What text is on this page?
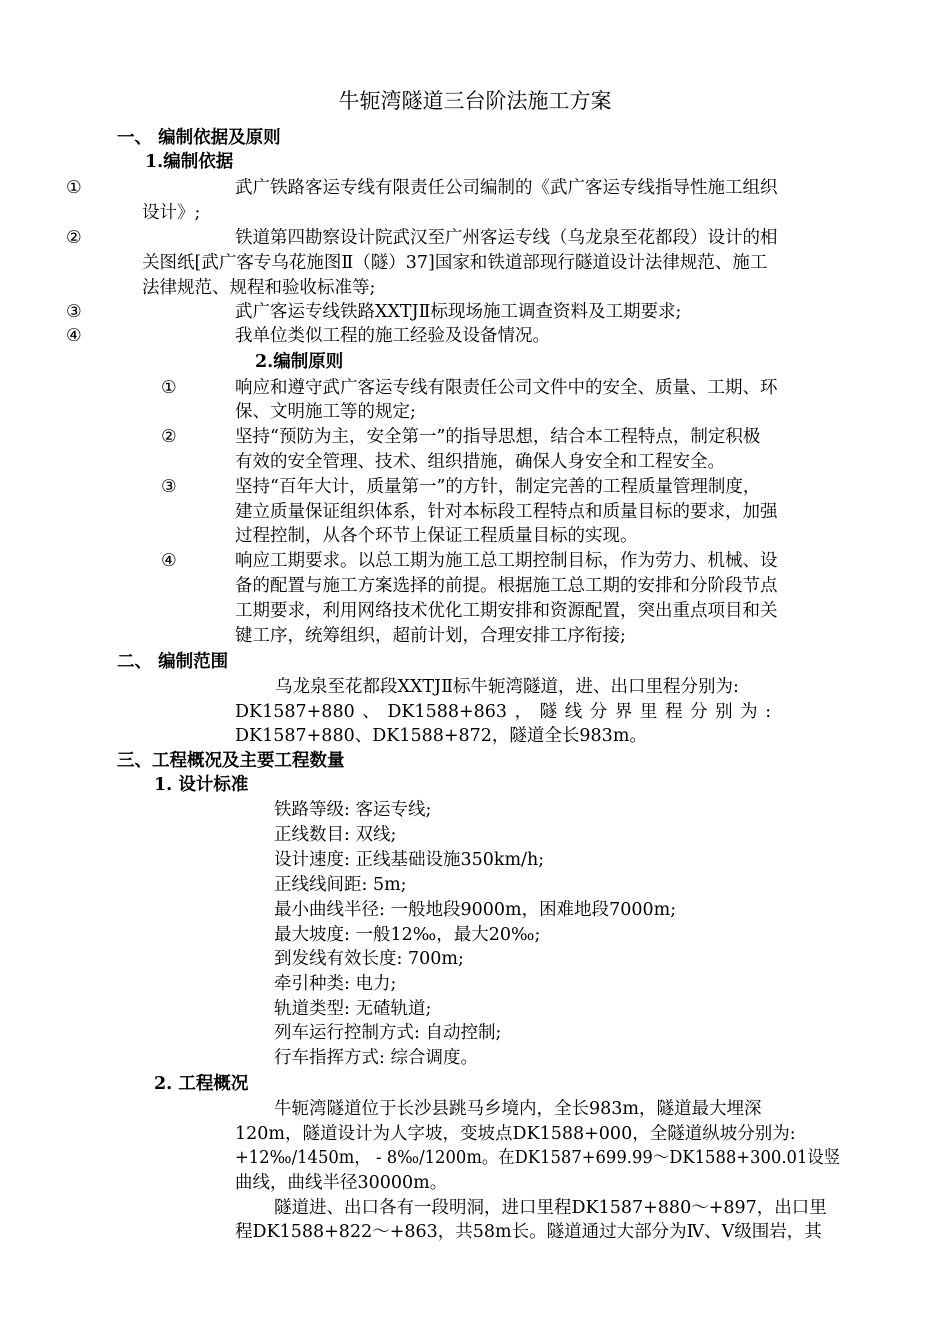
牛轭湾隧道三台阶法施工方案
一、 编制依据及原则
1.编制依据
①	武广铁路客运专线有限责任公司编制的《武广客运专线指导性施工组织
设计》;
②	铁道第四勘察设计院武汉至广州客运专线（乌龙泉至花都段）设计的相
关图纸[武广客专乌花施图Ⅱ（隧）37]国家和铁道部现行隧道设计法律规范、施工
法律规范、规程和验收标准等;
③	武广客运专线铁路XXTJⅡ标现场施工调查资料及工期要求;
④	我单位类似工程的施工经验及设备情况。
2.编制原则
①	响应和遵守武广客运专线有限责任公司文件中的安全、质量、工期、环
保、文明施工等的规定;
②	坚持“预防为主，安全第一”的指导思想，结合本工程特点，制定积极
有效的安全管理、技术、组织措施，确保人身安全和工程安全。
③	坚持“百年大计，质量第一”的方针，制定完善的工程质量管理制度，
建立质量保证组织体系，针对本标段工程特点和质量目标的要求，加强
过程控制，从各个环节上保证工程质量目标的实现。
④	响应工期要求。以总工期为施工总工期控制目标，作为劳力、机械、设
备的配置与施工方案选择的前提。根据施工总工期的安排和分阶段节点
工期要求，利用网络技术优化工期安排和资源配置，突出重点项目和关
键工序，统筹组织，超前计划，合理安排工序衔接;
二、 编制范围
乌龙泉至花都段XXTJⅡ标牛轭湾隧道，进、出口里程分别为:
DK1587+880 、 DK1588+863 ， 隧 线 分 界 里 程 分 别 为 :
DK1587+880、DK1588+872，隧道全长983m。
三、工程概况及主要工程数量
1. 设计标准
铁路等级: 客运专线;
正线数目: 双线;
设计速度: 正线基础设施350km/h;
正线线间距: 5m;
最小曲线半径: 一般地段9000m，困难地段7000m;
最大坡度: 一般12‰，最大20‰;
到发线有效长度: 700m;
牵引种类: 电力;
轨道类型: 无碴轨道;
列车运行控制方式: 自动控制;
行车指挥方式: 综合调度。
2. 工程概况
牛轭湾隧道位于长沙县跳马乡境内，全长983m，隧道最大埋深
120m，隧道设计为人字坡，变坡点DK1588+000，全隧道纵坡分别为:
+12‰/1450m， - 8‰/1200m。在DK1587+699.99～DK1588+300.01设竖
曲线，曲线半径30000m。
隧道进、出口各有一段明洞，进口里程DK1587+880～+897，出口里
程DK1588+822～+863，共58m长。隧道通过大部分为Ⅳ、Ⅴ级围岩，其
